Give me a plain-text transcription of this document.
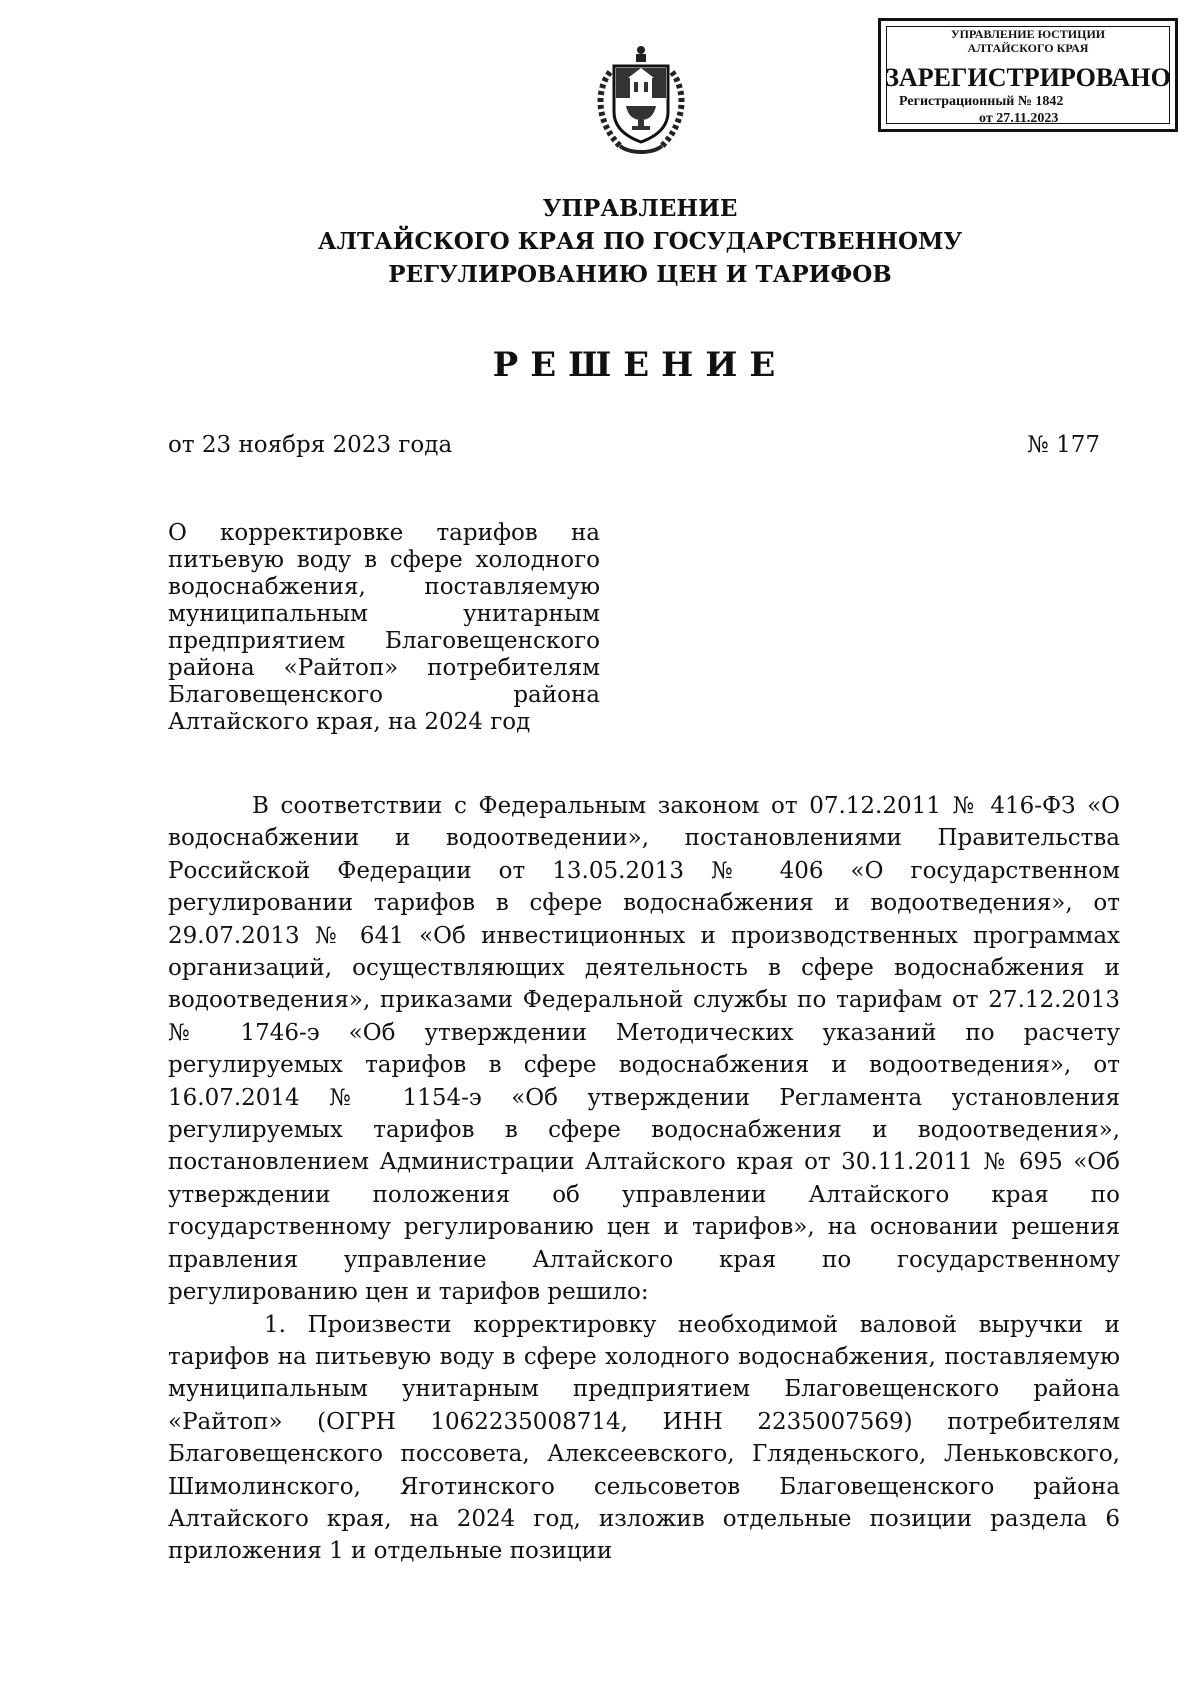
УПРАВЛЕНИЕ ЮСТИЦИИ
АЛТАЙСКОГО КРАЯ
ЗАРЕГИСТРИРОВАНО
Регистрационный № 1842
от 27.11.2023
УПРАВЛЕНИЕ
АЛТАЙСКОГО КРАЯ ПО ГОСУДАРСТВЕННОМУ
РЕГУЛИРОВАНИЮ ЦЕН И ТАРИФОВ
РЕШЕНИЕ
от 23 ноября 2023 года	№ 177
О корректировке тарифов на питьевую воду в сфере холодного водоснабжения, поставляемую муниципальным унитарным предприятием Благовещенского района «Райтоп» потребителям Благовещенского района Алтайского края, на 2024 год

В соответствии с Федеральным законом от 07.12.2011 № 416-ФЗ «О водоснабжении и водоотведении», постановлениями Правительства Российской Федерации от 13.05.2013 № 406 «О государственном регулировании тарифов в сфере водоснабжения и водоотведения», от 29.07.2013 № 641 «Об инвестиционных и производственных программах организаций, осуществляющих деятельность в сфере водоснабжения и водоотведения», приказами Федеральной службы по тарифам от 27.12.2013 № 1746-э «Об утверждении Методических указаний по расчету регулируемых тарифов в сфере водоснабжения и водоотведения», от 16.07.2014 № 1154-э «Об утверждении Регламента установления регулируемых тарифов в сфере водоснабжения и водоотведения», постановлением Администрации Алтайского края от 30.11.2011 № 695 «Об утверждении положения об управлении Алтайского края по государственному регулированию цен и тарифов», на основании решения правления управление Алтайского края по государственному регулированию цен и тарифов решило:

1. Произвести корректировку необходимой валовой выручки и тарифов на питьевую воду в сфере холодного водоснабжения, поставляемую муниципальным унитарным предприятием Благовещенского района «Райтоп» (ОГРН 1062235008714, ИНН 2235007569) потребителям Благовещенского поссовета, Алексеевского, Гляденьского, Леньковского, Шимолинского, Яготинского сельсоветов Благовещенского района Алтайского края, на 2024 год, изложив отдельные позиции раздела 6 приложения 1 и отдельные позиции
